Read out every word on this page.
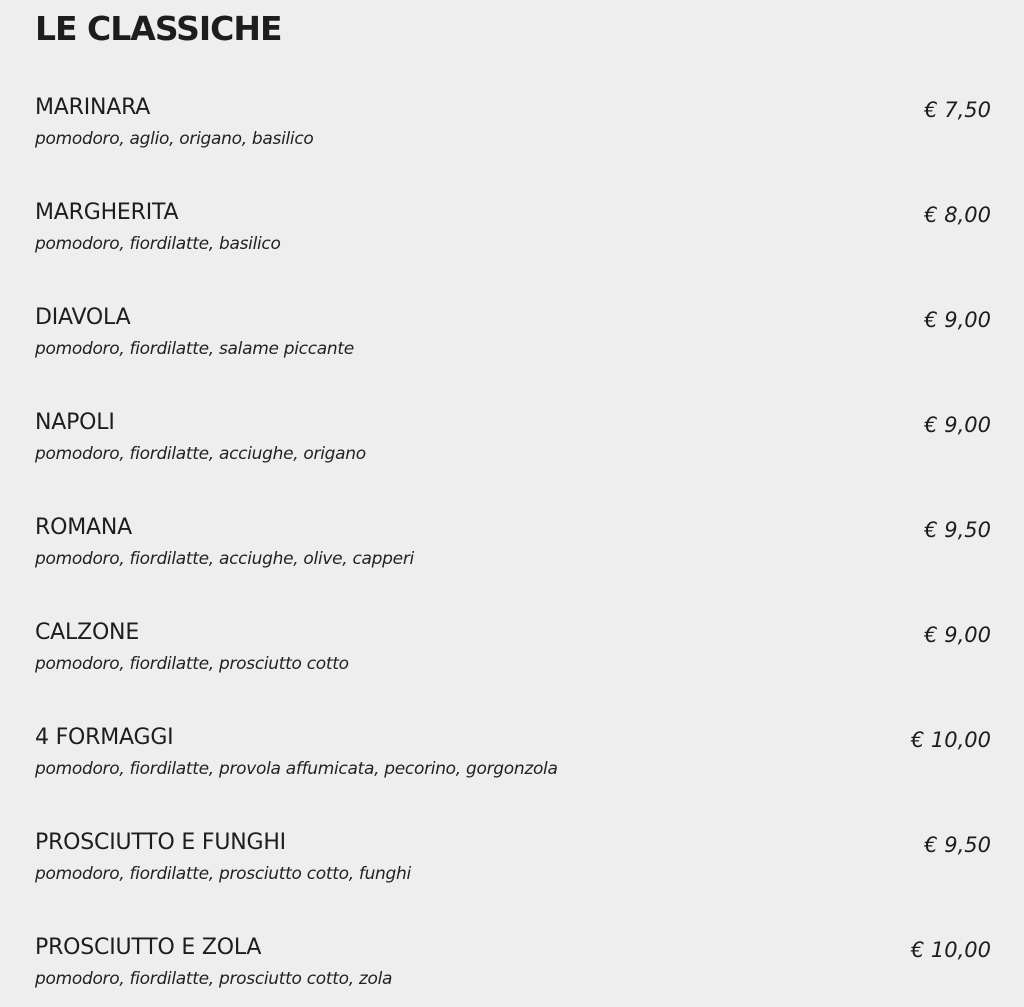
LE CLASSICHE
MARINARA
pomodoro, aglio, origano, basilico
€ 7,50
MARGHERITA
pomodoro, fiordilatte, basilico
€ 8,00
DIAVOLA
pomodoro, fiordilatte, salame piccante
€ 9,00
NAPOLI
pomodoro, fiordilatte, acciughe, origano
€ 9,00
ROMANA
pomodoro, fiordilatte, acciughe, olive, capperi
€ 9,50
CALZONE
pomodoro, fiordilatte, prosciutto cotto
€ 9,00
4 FORMAGGI
pomodoro, fiordilatte, provola affumicata, pecorino, gorgonzola
€ 10,00
PROSCIUTTO E FUNGHI
pomodoro, fiordilatte, prosciutto cotto, funghi
€ 9,50
PROSCIUTTO E ZOLA
pomodoro, fiordilatte, prosciutto cotto, zola
€ 10,00
